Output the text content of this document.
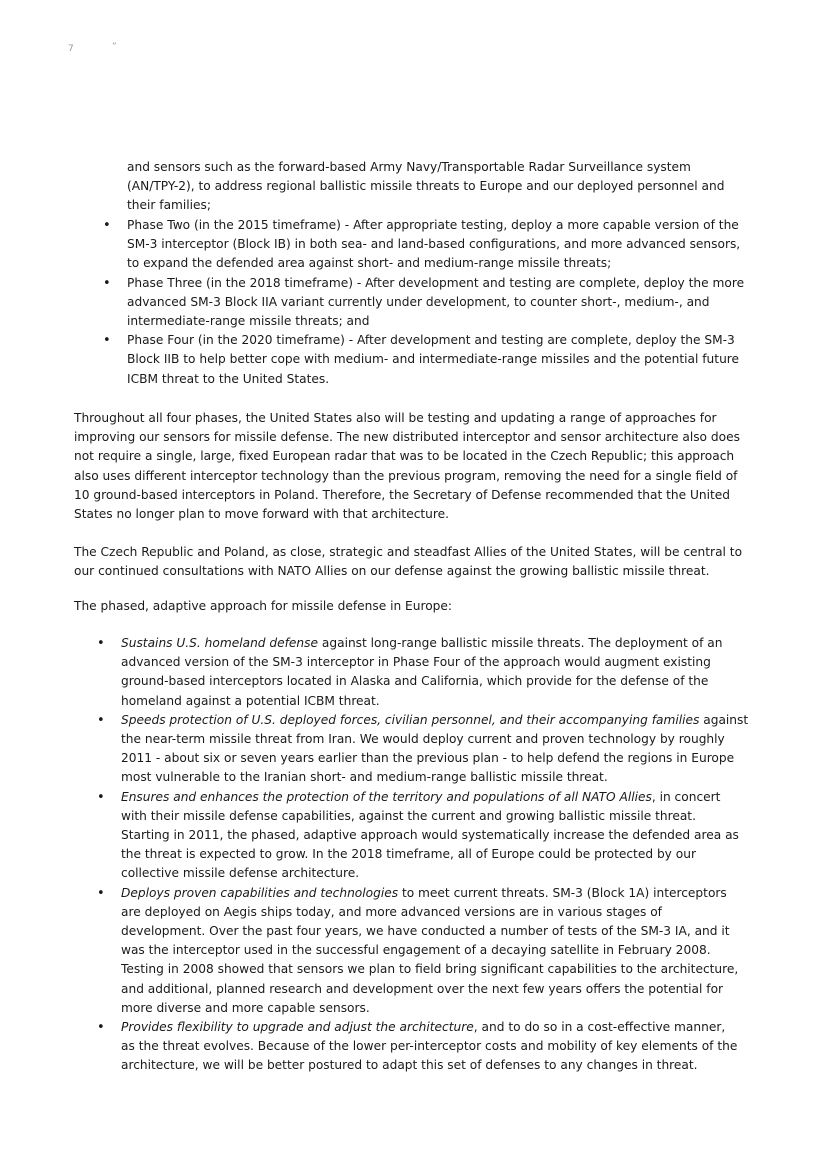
7	”

and sensors such as the forward-based Army Navy/Transportable Radar Surveillance system
(AN/TPY-2), to address regional ballistic missile threats to Europe and our deployed personnel and
their families;

• Phase Two (in the 2015 timeframe) - After appropriate testing, deploy a more capable version of the
SM-3 interceptor (Block IB) in both sea- and land-based configurations, and more advanced sensors,
to expand the defended area against short- and medium-range missile threats;
• Phase Three (in the 2018 timeframe) - After development and testing are complete, deploy the more
advanced SM-3 Block IIA variant currently under development, to counter short-, medium-, and
intermediate-range missile threats; and
• Phase Four (in the 2020 timeframe) - After development and testing are complete, deploy the SM-3
Block IIB to help better cope with medium- and intermediate-range missiles and the potential future
ICBM threat to the United States.

Throughout all four phases, the United States also will be testing and updating a range of approaches for
improving our sensors for missile defense. The new distributed interceptor and sensor architecture also does
not require a single, large, fixed European radar that was to be located in the Czech Republic; this approach
also uses different interceptor technology than the previous program, removing the need for a single field of
10 ground-based interceptors in Poland. Therefore, the Secretary of Defense recommended that the United
States no longer plan to move forward with that architecture.

The Czech Republic and Poland, as close, strategic and steadfast Allies of the United States, will be central to
our continued consultations with NATO Allies on our defense against the growing ballistic missile threat.

The phased, adaptive approach for missile defense in Europe:

• Sustains U.S. homeland defense against long-range ballistic missile threats. The deployment of an
advanced version of the SM-3 interceptor in Phase Four of the approach would augment existing
ground-based interceptors located in Alaska and California, which provide for the defense of the
homeland against a potential ICBM threat.
• Speeds protection of U.S. deployed forces, civilian personnel, and their accompanying families against
the near-term missile threat from Iran. We would deploy current and proven technology by roughly
2011 - about six or seven years earlier than the previous plan - to help defend the regions in Europe
most vulnerable to the Iranian short- and medium-range ballistic missile threat.
• Ensures and enhances the protection of the territory and populations of all NATO Allies, in concert
with their missile defense capabilities, against the current and growing ballistic missile threat.
Starting in 2011, the phased, adaptive approach would systematically increase the defended area as
the threat is expected to grow. In the 2018 timeframe, all of Europe could be protected by our
collective missile defense architecture.
• Deploys proven capabilities and technologies to meet current threats. SM-3 (Block 1A) interceptors
are deployed on Aegis ships today, and more advanced versions are in various stages of
development. Over the past four years, we have conducted a number of tests of the SM-3 IA, and it
was the interceptor used in the successful engagement of a decaying satellite in February 2008.
Testing in 2008 showed that sensors we plan to field bring significant capabilities to the architecture,
and additional, planned research and development over the next few years offers the potential for
more diverse and more capable sensors.
• Provides flexibility to upgrade and adjust the architecture, and to do so in a cost-effective manner,
as the threat evolves. Because of the lower per-interceptor costs and mobility of key elements of the
architecture, we will be better postured to adapt this set of defenses to any changes in threat.
